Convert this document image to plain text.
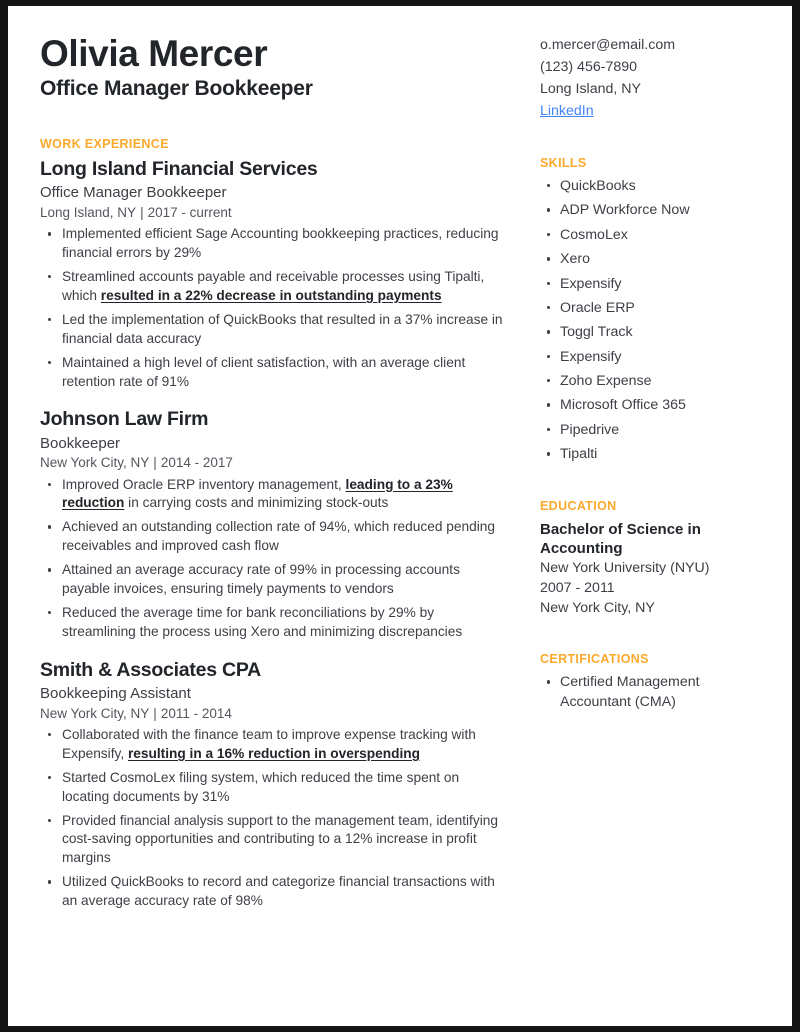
Olivia Mercer
Office Manager Bookkeeper
WORK EXPERIENCE
Long Island Financial Services
Office Manager Bookkeeper
Long Island, NY | 2017 - current
Implemented efficient Sage Accounting bookkeeping practices, reducing financial errors by 29%
Streamlined accounts payable and receivable processes using Tipalti, which resulted in a 22% decrease in outstanding payments
Led the implementation of QuickBooks that resulted in a 37% increase in financial data accuracy
Maintained a high level of client satisfaction, with an average client retention rate of 91%
Johnson Law Firm
Bookkeeper
New York City, NY | 2014 - 2017
Improved Oracle ERP inventory management, leading to a 23% reduction in carrying costs and minimizing stock-outs
Achieved an outstanding collection rate of 94%, which reduced pending receivables and improved cash flow
Attained an average accuracy rate of 99% in processing accounts payable invoices, ensuring timely payments to vendors
Reduced the average time for bank reconciliations by 29% by streamlining the process using Xero and minimizing discrepancies
Smith & Associates CPA
Bookkeeping Assistant
New York City, NY | 2011 - 2014
Collaborated with the finance team to improve expense tracking with Expensify, resulting in a 16% reduction in overspending
Started CosmoLex filing system, which reduced the time spent on locating documents by 31%
Provided financial analysis support to the management team, identifying cost-saving opportunities and contributing to a 12% increase in profit margins
Utilized QuickBooks to record and categorize financial transactions with an average accuracy rate of 98%
o.mercer@email.com
(123) 456-7890
Long Island, NY
LinkedIn
SKILLS
QuickBooks
ADP Workforce Now
CosmoLex
Xero
Expensify
Oracle ERP
Toggl Track
Expensify
Zoho Expense
Microsoft Office 365
Pipedrive
Tipalti
EDUCATION
Bachelor of Science in Accounting
New York University (NYU)
2007 - 2011
New York City, NY
CERTIFICATIONS
Certified Management Accountant (CMA)
